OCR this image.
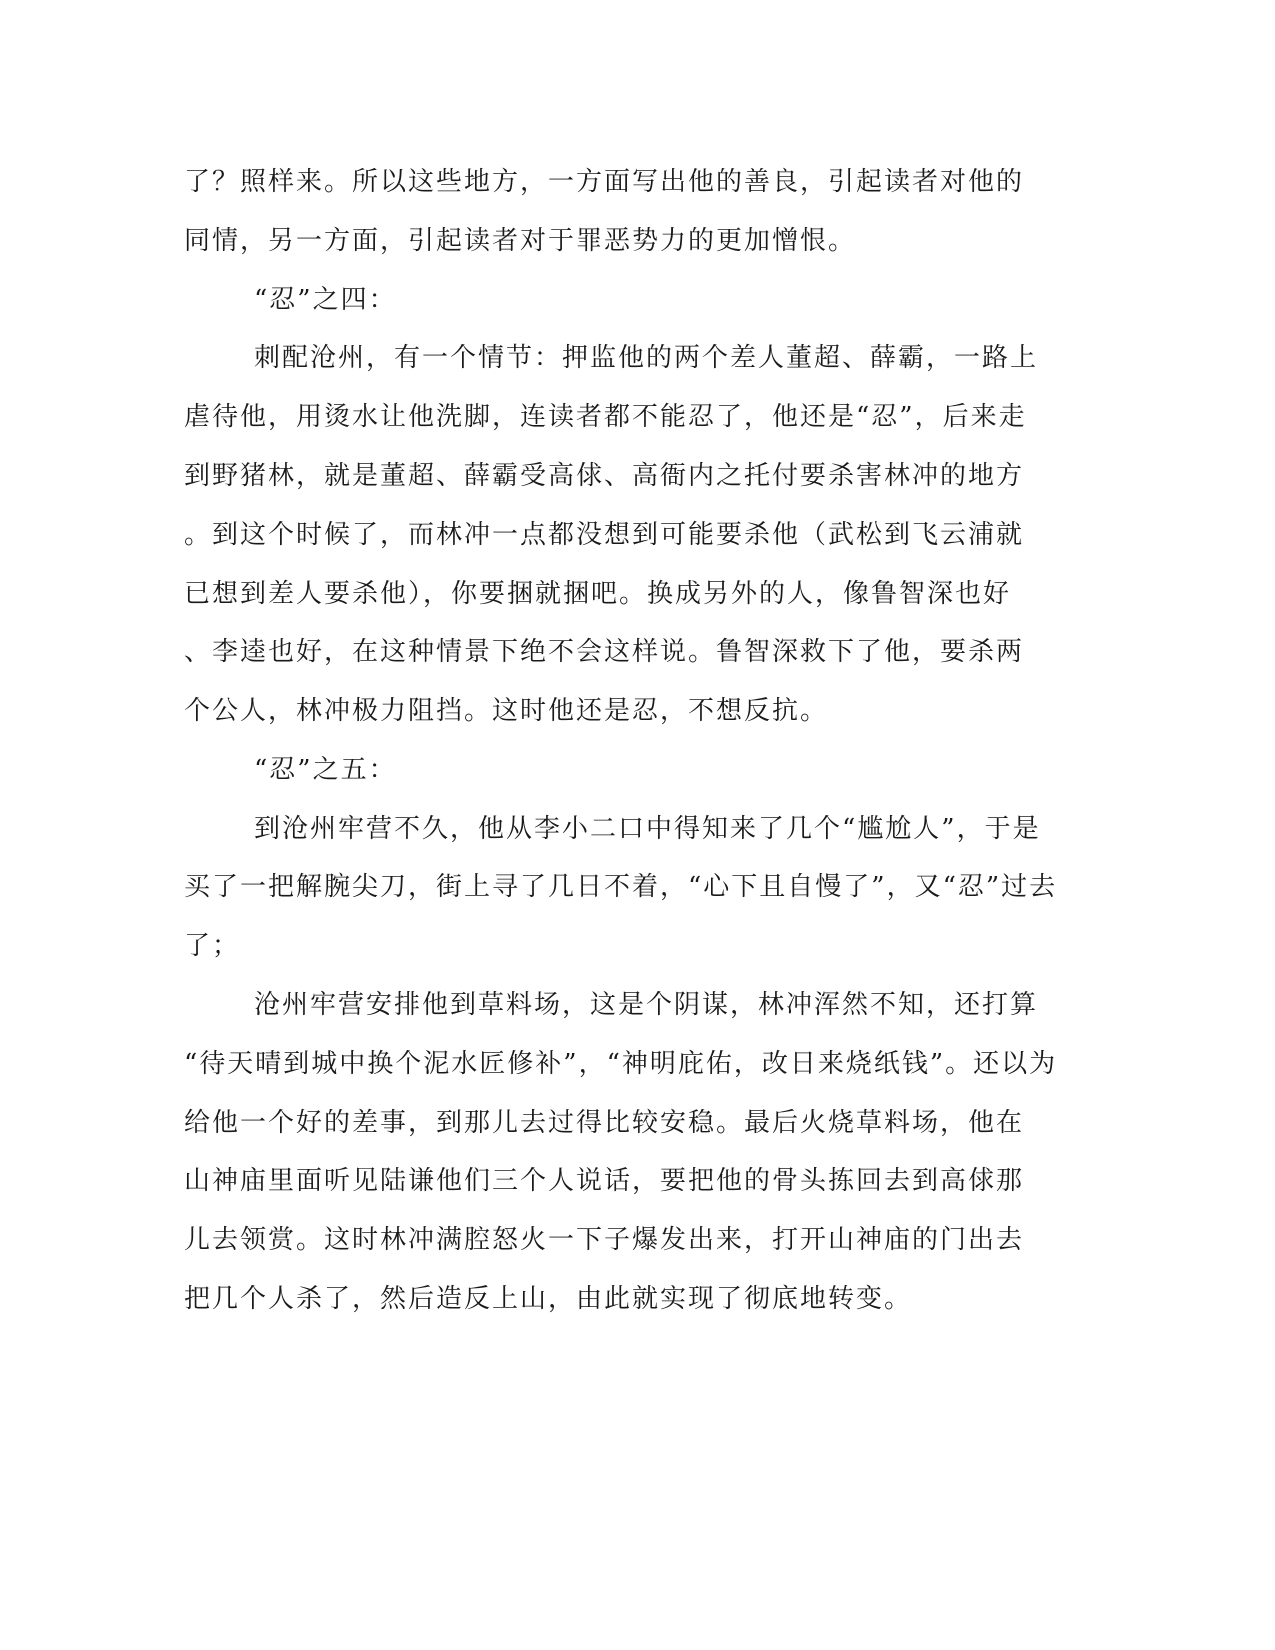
了？照样来。所以这些地方，一方面写出他的善良，引起读者对他的
同情，另一方面，引起读者对于罪恶势力的更加憎恨。
“忍”之四：
刺配沧州，有一个情节：押监他的两个差人董超、薛霸，一路上
虐待他，用烫水让他洗脚，连读者都不能忍了，他还是“忍”，后来走
到野猪林，就是董超、薛霸受高俅、高衙内之托付要杀害林冲的地方
。到这个时候了，而林冲一点都没想到可能要杀他（武松到飞云浦就
已想到差人要杀他），你要捆就捆吧。换成另外的人，像鲁智深也好
、李逵也好，在这种情景下绝不会这样说。鲁智深救下了他，要杀两
个公人，林冲极力阻挡。这时他还是忍，不想反抗。
“忍”之五：
到沧州牢营不久，他从李小二口中得知来了几个“尴尬人”，于是
买了一把解腕尖刀，街上寻了几日不着，“心下且自慢了”，又“忍”过去
了；
沧州牢营安排他到草料场，这是个阴谋，林冲浑然不知，还打算
“待天晴到城中换个泥水匠修补”，“神明庇佑，改日来烧纸钱”。还以为
给他一个好的差事，到那儿去过得比较安稳。最后火烧草料场，他在
山神庙里面听见陆谦他们三个人说话，要把他的骨头拣回去到高俅那
儿去领赏。这时林冲满腔怒火一下子爆发出来，打开山神庙的门出去
把几个人杀了，然后造反上山，由此就实现了彻底地转变。
